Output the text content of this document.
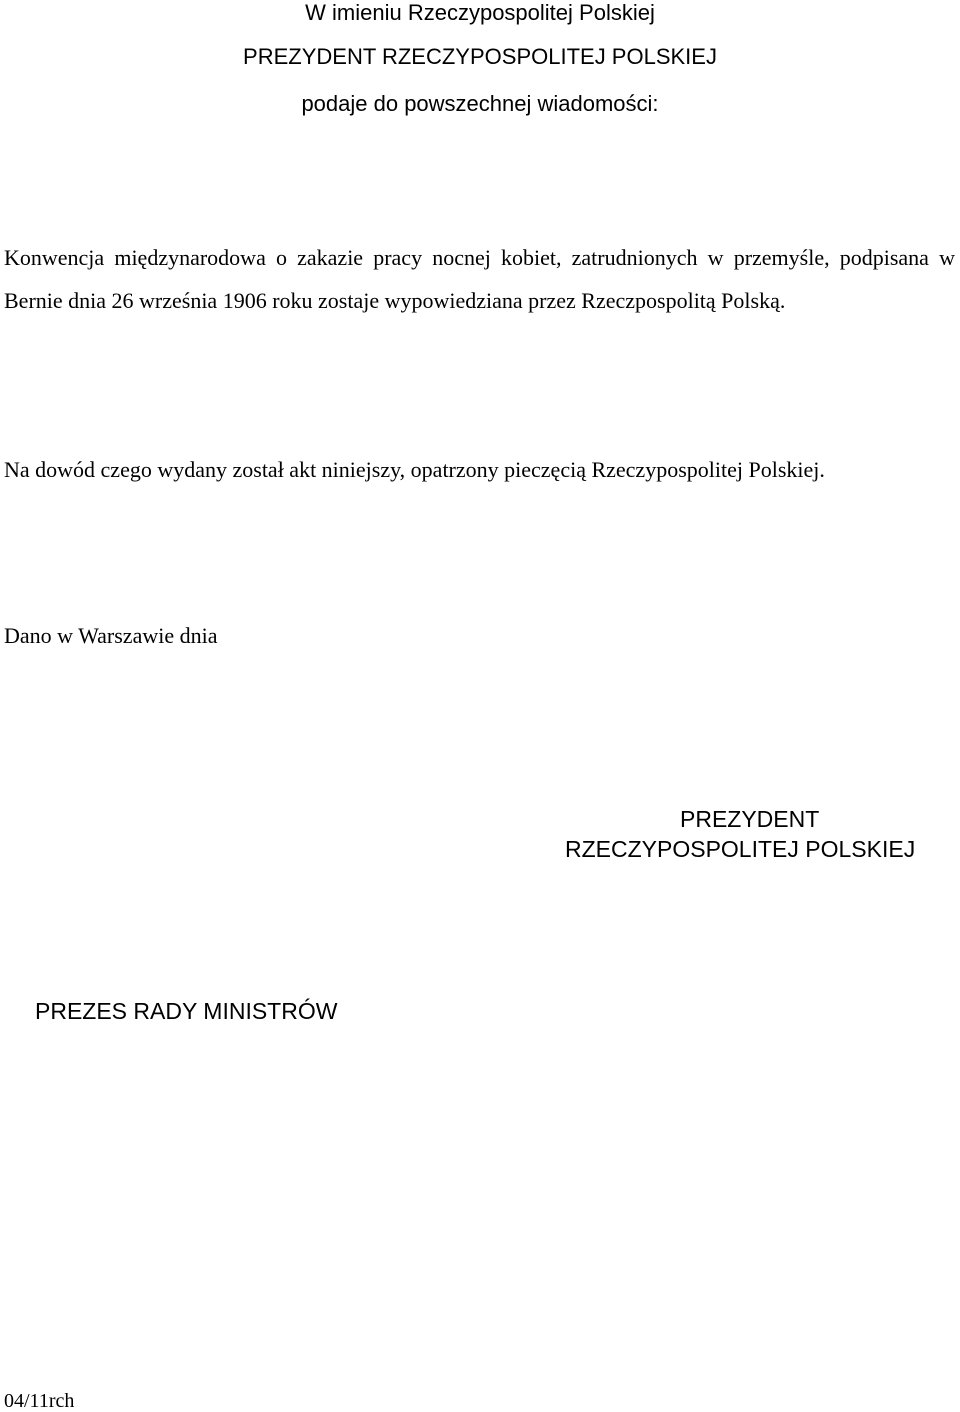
W imieniu Rzeczypospolitej Polskiej

PREZYDENT RZECZYPOSPOLITEJ POLSKIEJ

podaje do powszechnej wiadomości:

Konwencja międzynarodowa o zakazie pracy nocnej kobiet, zatrudnionych w przemyśle, podpisana w Bernie dnia 26 września 1906 roku zostaje wypowiedziana przez Rzeczpospolitą Polską.

Na dowód czego wydany został akt niniejszy, opatrzony pieczęcią Rzeczypospolitej Polskiej.

Dano w Warszawie dnia

PREZYDENT
RZECZYPOSPOLITEJ POLSKIEJ
PREZES RADY MINISTRÓW
04/11rch
